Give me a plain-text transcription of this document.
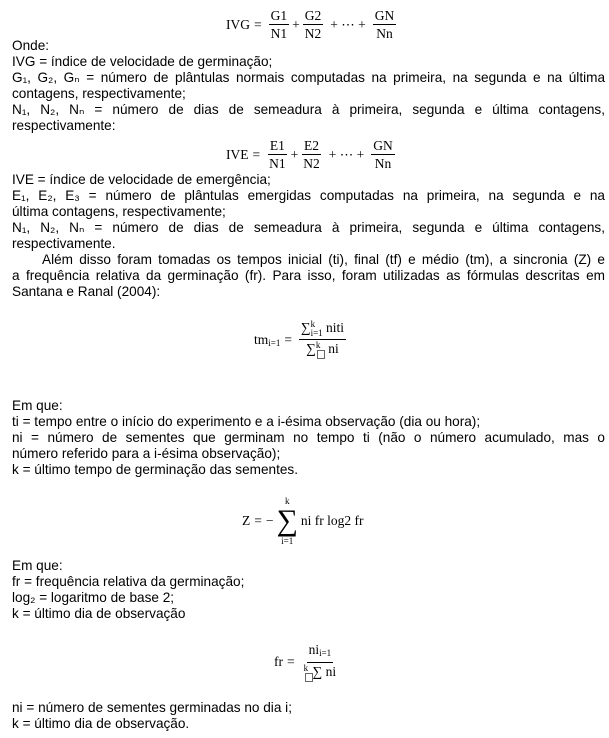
IVG = $\frac{G1}{N1} + \frac{G2}{N2}$ + ⋯ + $\frac{GN}{Nn}$
Onde:
IVG = índice de velocidade de germinação;
G₁, G₂, Gₙ = número de plântulas normais computadas na primeira, na segunda e na última
contagens, respectivamente;
N₁, N₂, Nₙ = número de dias de semeadura à primeira, segunda e última contagens,
respectivamente:
IVE = $\frac{E1}{N1} + \frac{E2}{N2}$ + ⋯ + $\frac{GN}{Nn}$
IVE = índice de velocidade de emergência;
E₁, E₂, E₃ = número de plântulas emergidas computadas na primeira, na segunda e na
última contagens, respectivamente;
N₁, N₂, Nₙ = número de dias de semeadura à primeira, segunda e última contagens,
respectivamente.
Além disso foram tomadas os tempos inicial (ti), final (tf) e médio (tm), a sincronia (Z) e
a frequência relativa da germinação (fr). Para isso, foram utilizadas as fórmulas descritas em
Santana e Ranal (2004):
$tm_{i=1}$ = ∑ k
i=1 niti
∑ k ni
Em que:
ti = tempo entre o início do experimento e a i-ésima observação (dia ou hora);
ni = número de sementes que germinam no tempo ti (não o número acumulado, mas o
número referido para a i-ésima observação);
k = último tempo de germinação das sementes.
Z = −
k
∑
i=1
ni fr log2 fr
Em que:
fr = frequência relativa da germinação;
log₂ = logaritmo de base 2;
k = último dia de observação
fr = $\frac{ni_{i=1}}{k \sum ni}$
ni = número de sementes germinadas no dia i;
k = último dia de observação.
